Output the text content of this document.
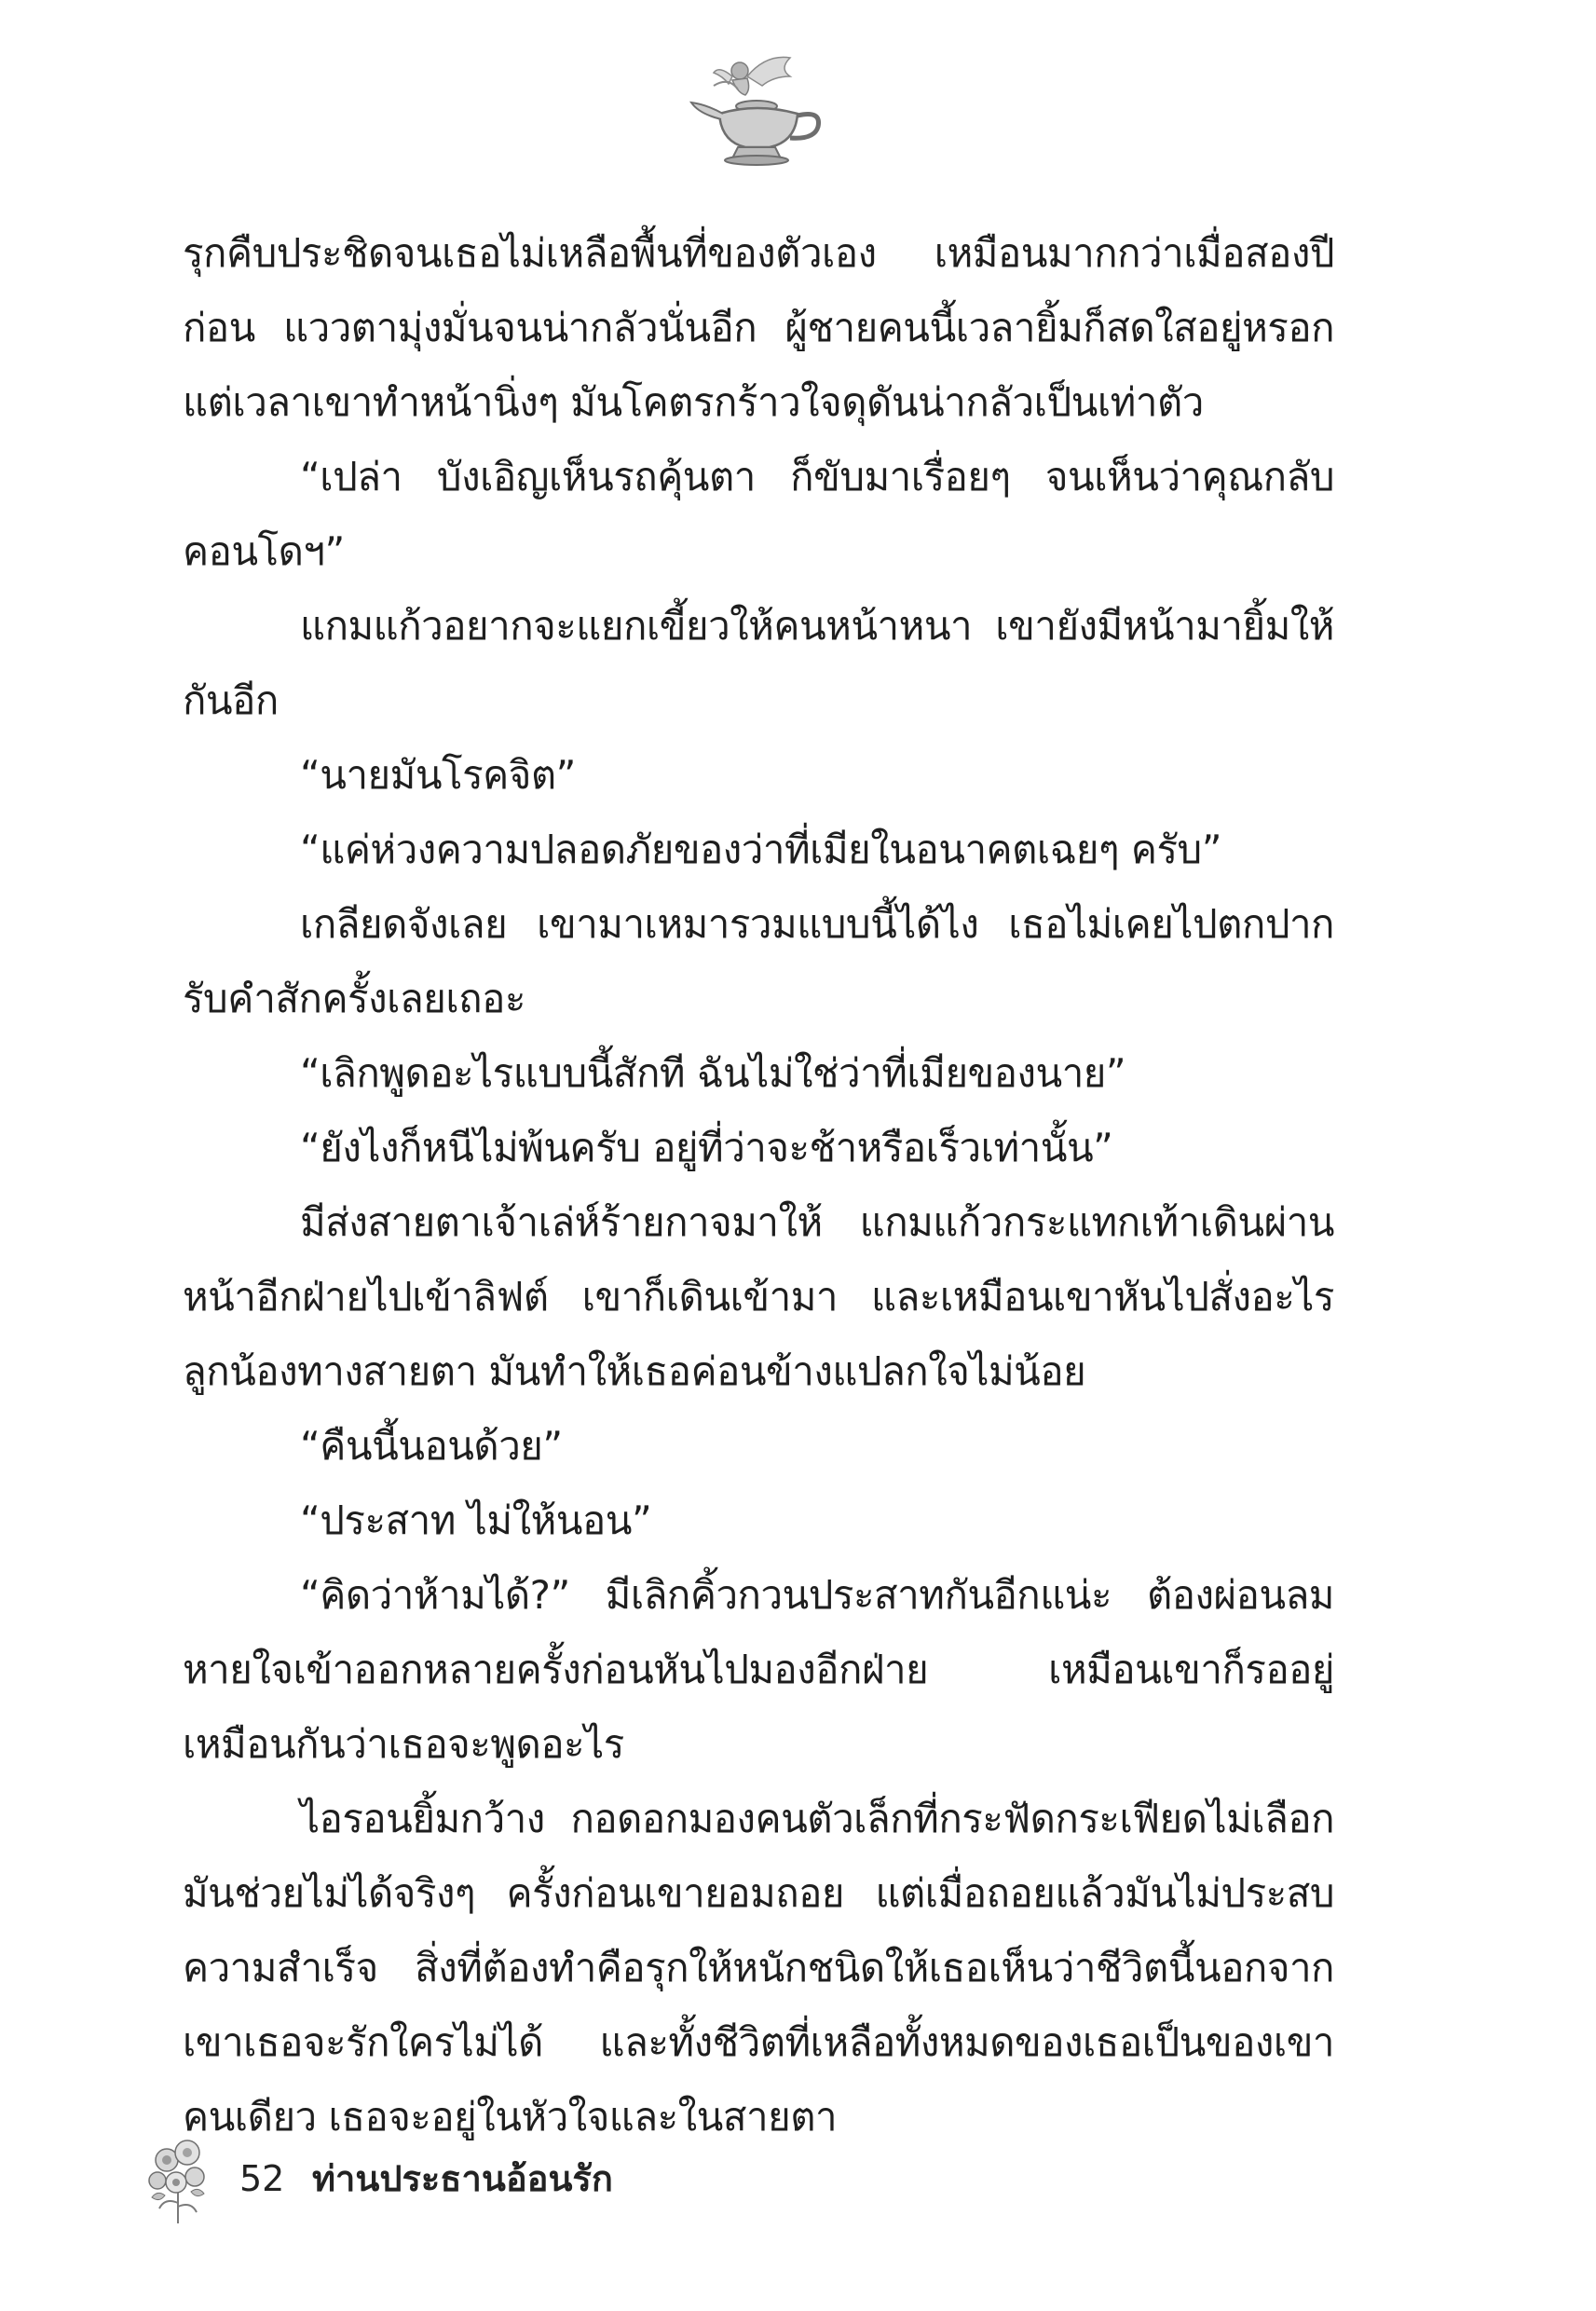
รุกคืบประชิดจนเธอไม่เหลือพื้นที่ของตัวเอง เหมือนมากกว่าเมื่อสองปีก่อน แววตามุ่งมั่นจนน่ากลัวนั่นอีก ผู้ชายคนนี้เวลายิ้มก็สดใสอยู่หรอก แต่เวลาเขาทำหน้านิ่งๆ มันโคตรกร้าวใจดุดันน่ากลัวเป็นเท่าตัว

“เปล่า บังเอิญเห็นรถคุ้นตา ก็ขับมาเรื่อยๆ จนเห็นว่าคุณกลับคอนโดฯ”

แกมแก้วอยากจะแยกเขี้ยวให้คนหน้าหนา เขายังมีหน้ามายิ้มให้กันอีก

“นายมันโรคจิต”

“แค่ห่วงความปลอดภัยของว่าที่เมียในอนาคตเฉยๆ ครับ”

เกลียดจังเลย เขามาเหมารวมแบบนี้ได้ไง เธอไม่เคยไปตกปากรับคำสักครั้งเลยเถอะ

“เลิกพูดอะไรแบบนี้สักที ฉันไม่ใช่ว่าที่เมียของนาย”

“ยังไงก็หนีไม่พ้นครับ อยู่ที่ว่าจะช้าหรือเร็วเท่านั้น”

มีส่งสายตาเจ้าเล่ห์ร้ายกาจมาให้ แกมแก้วกระแทกเท้าเดินผ่านหน้าอีกฝ่ายไปเข้าลิฟต์ เขาก็เดินเข้ามา และเหมือนเขาหันไปสั่งอะไรลูกน้องทางสายตา มันทำให้เธอค่อนข้างแปลกใจไม่น้อย

“คืนนี้นอนด้วย”

“ประสาท ไม่ให้นอน”

“คิดว่าห้ามได้?” มีเลิกคิ้วกวนประสาทกันอีกแน่ะ ต้องผ่อนลมหายใจเข้าออกหลายครั้งก่อนหันไปมองอีกฝ่าย เหมือนเขาก็รออยู่เหมือนกันว่าเธอจะพูดอะไร

ไอรอนยิ้มกว้าง กอดอกมองคนตัวเล็กที่กระฟัดกระเฟียดไม่เลือกมันช่วยไม่ได้จริงๆ ครั้งก่อนเขายอมถอย แต่เมื่อถอยแล้วมันไม่ประสบความสำเร็จ สิ่งที่ต้องทำคือรุกให้หนักชนิดให้เธอเห็นว่าชีวิตนี้นอกจากเขาเธอจะรักใครไม่ได้ และทั้งชีวิตที่เหลือทั้งหมดของเธอเป็นของเขาคนเดียว เธอจะอยู่ในหัวใจและในสายตา

52 ท่านประธานอ้อนรัก
